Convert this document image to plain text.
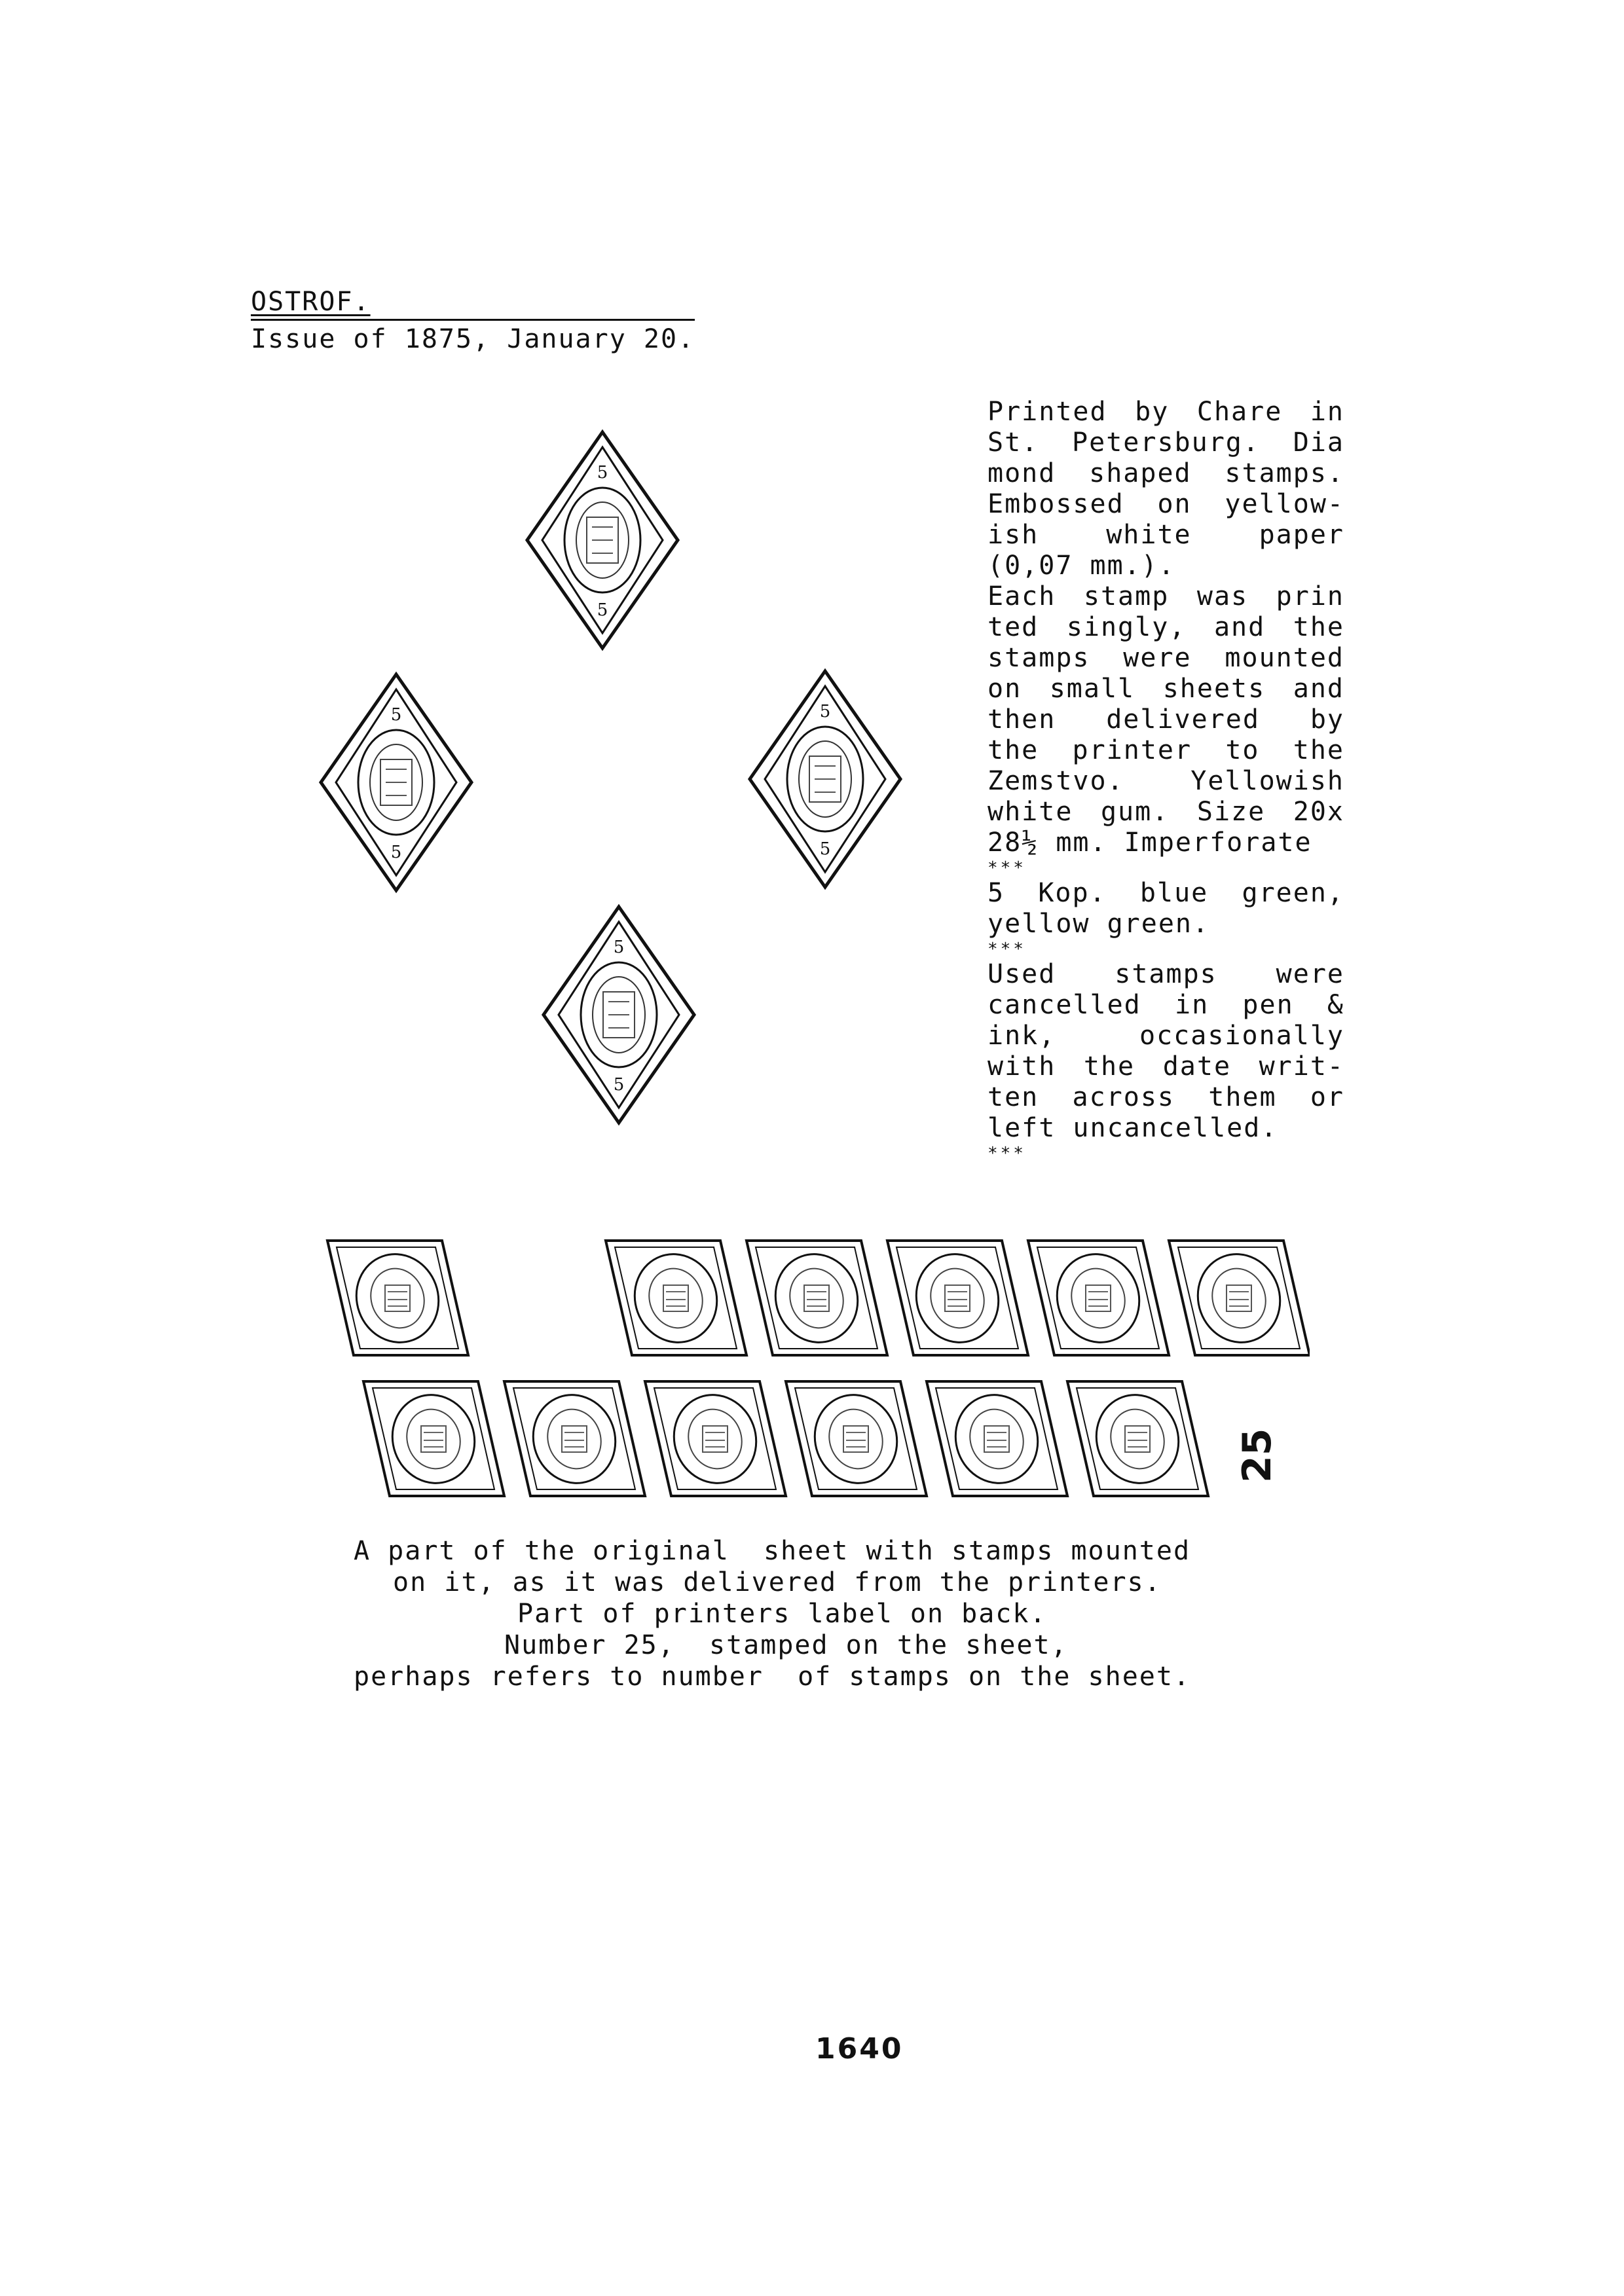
OSTROF.
Issue of 1875, January 20.
5
5
5
5
5
5
5
5

Printed by Chare in St. Petersburg. Dia mond shaped stamps. Embossed on yellow-ish white paper (0,07 mm.).

Each stamp was prin ted singly, and the stamps were mounted on small sheets and then delivered by the printer to the Zemstvo. Yellowish white gum. Size 20x 28½ mm. Imperforate

***

5 Kop. blue green, yellow green.

***

Used stamps were cancelled in pen & ink, occasionally with the date writ-ten across them or left uncancelled.

***

25
A part of the original  sheet with stamps mounted
on it, as it was delivered from the printers.
Part of printers label on back.
Number 25,  stamped on the sheet,
perhaps refers to number  of stamps on the sheet.
1640
